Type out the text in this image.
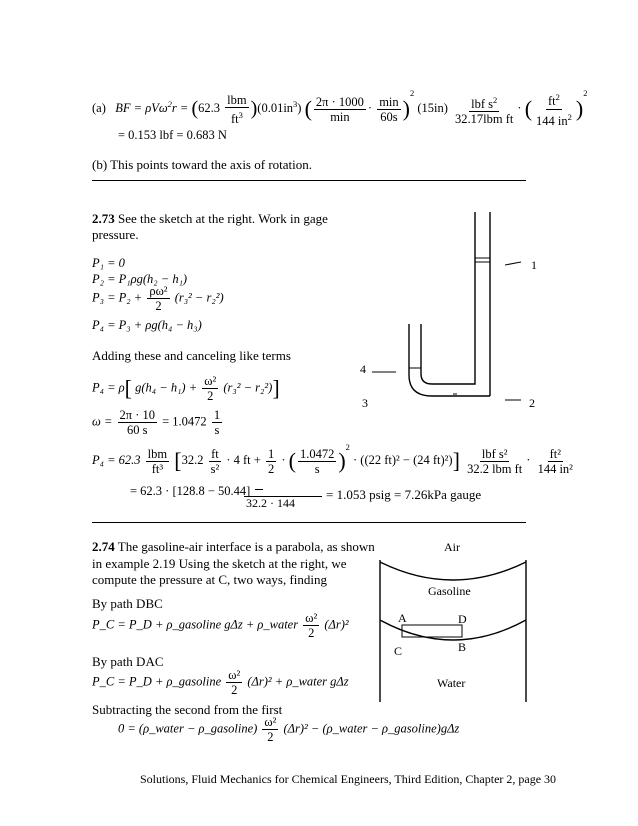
(a) BF = $\rho V\omega^2r = (62.3 \frac{\text{lbm}}{ft^3} )(0.01in^3)$ ( $\frac{2\pi \cdot 1000}{\min} \cdot \frac{\min}{60s} )^2$ $(15in) \frac{lbf s^2}{\text{32.17lbm ft}}$ · ( $\frac{ft^2}{144 in^2} )^2$
= 0.153 lbf = 0.683 N
(b) This points toward the axis of rotation.
2.73 See the sketch at the right. Work in gage
pressure.
P₁ = 0
P₂ = P₁ρg(h₂ − h₁)
$P_3 = P_2 + \frac{\text{ρω²}}{2} (r_3^2 - r_2^2)$
P₄ = P₃ + ρg(h₄ − h₃)
Adding these and canceling like terms
P₄ = ρ[ $g(h_4 - h_1) + \frac{\text{ω²}}{2} (r_3^2 - r_2^2)$]
$\omega = \frac{2\pi \cdot 10}{60 s} = 1.0472 \frac{1}{s}$
$P_4 = 62.3 \frac{\text{lbm}}{\text{ft³}} [32.2 \frac{ft}{\text{s²}} \cdot 4$ ft + $\frac{1}{2}$ · ( $\frac{1.0472}{s} )^2 \cdot ((22$ ft)² − (24 $ft)^2)] \frac{\text{lbf s²}}{\text{32.2 lbm ft}} \cdot \frac{\text{ft²}}{\text{144 in²}}$
= 62.3 · [128.8 − 50.44]

32.2 · 144
= 1.053 psig = 7.26kPa gauge
1
4
3	2
2.74 The gasoline-air interface is a parabola, as shown
in example 2.19 Using the sketch at the right, we
compute the pressure at C, two ways, finding
By path DBC
P_C = P_D + ρ_gasoline gΔz + ρ_water $\frac{\text{ω²}}{2} (\Delta r)^2$
By path DAC
P_C = P_D + ρ_gasoline $\frac{\text{ω²}}{2} (\Delta r)^2$ + ρ_water gΔz
Subtracting the second from the first
0 = (ρ_water − ρ_gasoline) $\frac{\text{ω²}}{2} (\Delta r)^2$ − (ρ_water − ρ_gasoline)gΔz
Air
Gasoline
A	D
B
C
Water
Solutions, Fluid Mechanics for Chemical Engineers, Third Edition, Chapter 2, page 30
